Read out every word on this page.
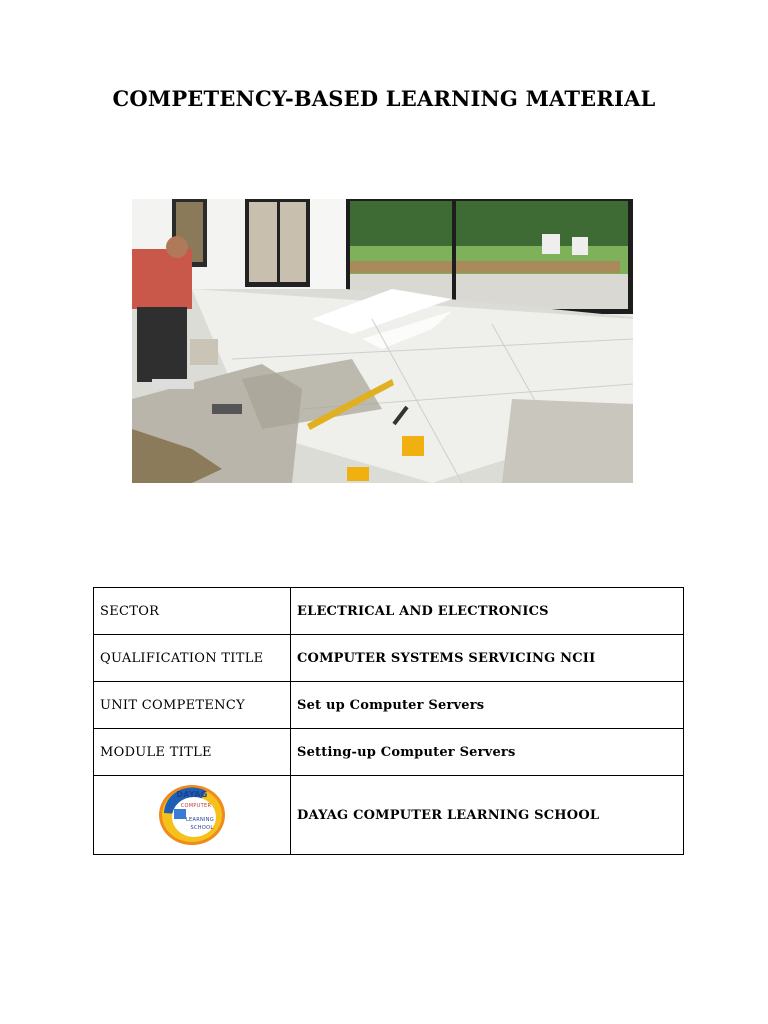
COMPETENCY-BASED LEARNING MATERIAL
SECTOR	ELECTRICAL AND ELECTRONICS
QUALIFICATION TITLE	COMPUTER SYSTEMS SERVICING NCII
UNIT COMPETENCY	Set up Computer Servers
MODULE TITLE	Setting-up Computer Servers

DAYAG
COMPUTER
LEARNING
SCHOOL	DAYAG COMPUTER LEARNING SCHOOL
